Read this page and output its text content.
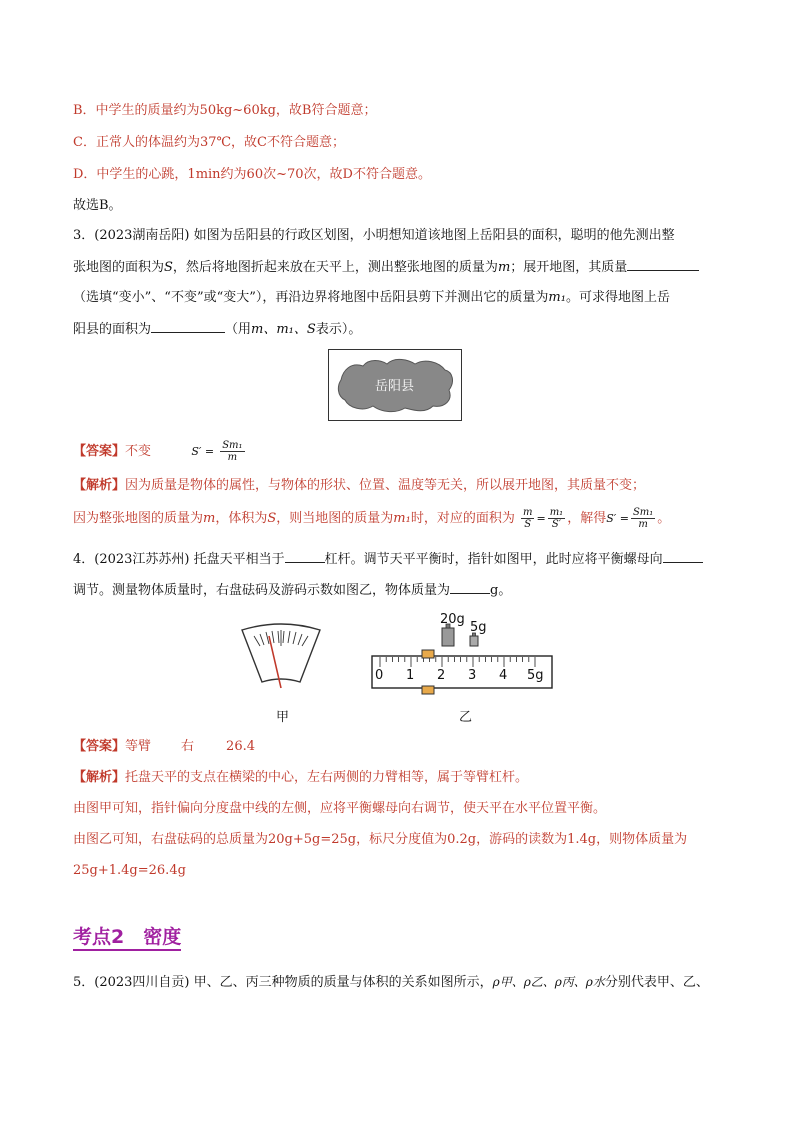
B．中学生的质量约为50kg~60kg，故B符合题意；
C．正常人的体温约为37℃，故C不符合题意；
D．中学生的心跳，1min约为60次~70次，故D不符合题意。
故选B。
3．(2023湖南岳阳) 如图为岳阳县的行政区划图，小明想知道该地图上岳阳县的面积，聪明的他先测出整
张地图的面积为S，然后将地图折起来放在天平上，测出整张地图的质量为m；展开地图，其质量
（选填“变小”、“不变”或“变大”），再沿边界将地图中岳阳县剪下并测出它的质量为m₁。可求得地图上岳
阳县的面积为	（用m、m₁、S表示）。
岳阳县
【答案】不变	$S' = \frac{\text{Sm₁}}{m}$
【解析】因为质量是物体的属性，与物体的形状、位置、温度等无关，所以展开地图，其质量不变；
因为整张地图的质量为m，体积为S，则当地图的质量为m₁时，对应的面积为 $\frac{m}{S} = \frac{\text{m₁}}{S'}$ ，解得$S' = \frac{\text{Sm₁}}{m}$ 。
4．(2023江苏苏州) 托盘天平相当于	杠杆。调节天平平衡时，指针如图甲，此时应将平衡螺母向
调节。测量物体质量时，右盘砝码及游码示数如图乙，物体质量为	g。
甲
20g
5g
0 1 2 3 4 5g
乙
【答案】等臂 右 26.4
【解析】托盘天平的支点在横梁的中心，左右两侧的力臂相等，属于等臂杠杆。
由图甲可知，指针偏向分度盘中线的左侧，应将平衡螺母向右调节，使天平在水平位置平衡。
由图乙可知，右盘砝码的总质量为20g+5g=25g，标尺分度值为0.2g，游码的读数为1.4g，则物体质量为
25g+1.4g=26.4g
考点2　密度
5．(2023四川自贡) 甲、乙、丙三种物质的质量与体积的关系如图所示，ρ甲、ρ乙、ρ丙、ρ水分别代表甲、乙、
